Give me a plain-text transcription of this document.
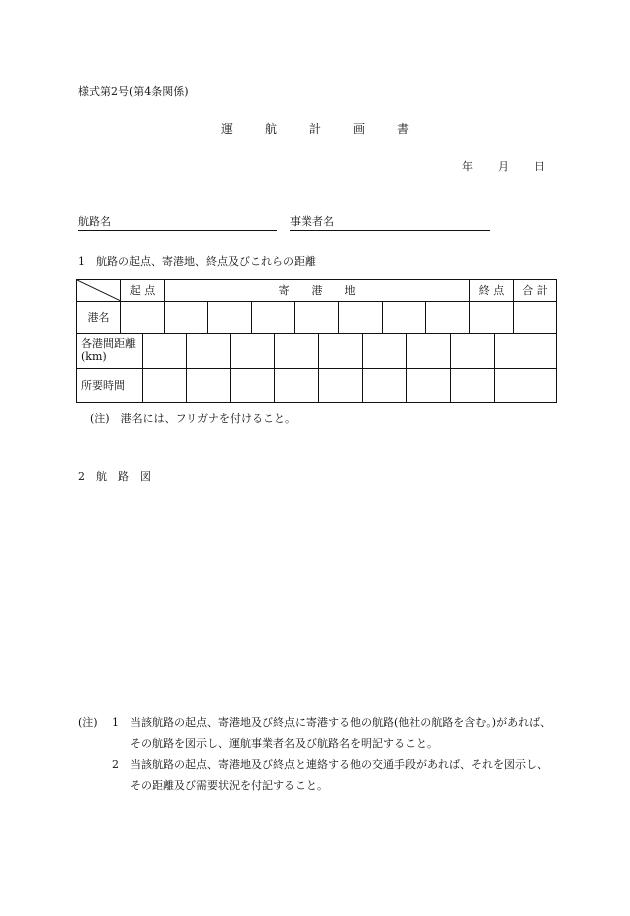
様式第2号(第4条関係)
運	航	計	画	書
年 月 日
航路名	事業者名
1　航路の起点、寄港地、終点及びこれらの距離
	起 点	寄　　港　　地							終 点	合 計	
港名											
各港間距離(km)									
所要時間									
(注)　港名には、フリガナを付けること。
2　航　路　図
(注)	1	当該航路の起点、寄港地及び終点に寄港する他の航路(他社の航路を含む。)があれば、その航路を図示し、運航事業者名及び航路名を明記すること。
2	当該航路の起点、寄港地及び終点と連絡する他の交通手段があれば、それを図示し、その距離及び需要状況を付記すること。
